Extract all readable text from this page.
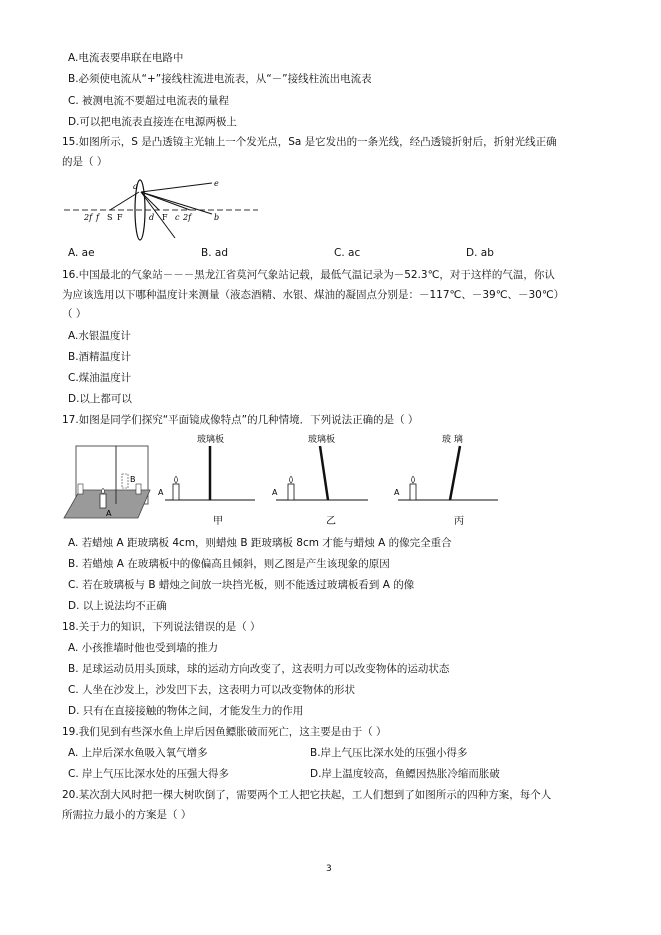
A.电流表要串联在电路中
B.必须使电流从“+”接线柱流进电流表，从“－”接线柱流出电流表
C. 被测电流不要超过电流表的量程
D.可以把电流表直接连在电源两极上
15.如图所示，S 是凸透镜主光轴上一个发光点，Sa 是它发出的一条光线，经凸透镜折射后，折射光线正确
的是（ ）
a	e
2f f S F	d F c 2f	b
A. ae	B. ad	C. ac	D. ab
16.中国最北的气象站－－－黑龙江省莫河气象站记载，最低气温记录为－52.3℃，对于这样的气温，你认
为应该选用以下哪种温度计来测量（液态酒精、水银、煤油的凝固点分别是：－117℃、－39℃、－30℃）
（ ）
A.水银温度计
B.酒精温度计
C.煤油温度计
D.以上都可以
17.如图是同学们探究“平面镜成像特点”的几种情境．下列说法正确的是（ ）
A
B
玻璃板
A
甲
玻璃板
A
乙
玻 璃
A
丙
A. 若蜡烛 A 距玻璃板 4cm，则蜡烛 B 距玻璃板 8cm 才能与蜡烛 A 的像完全重合
B. 若蜡烛 A 在玻璃板中的像偏高且倾斜，则乙图是产生该现象的原因
C. 若在玻璃板与 B 蜡烛之间放一块挡光板，则不能透过玻璃板看到 A 的像
D. 以上说法均不正确
18.关于力的知识，下列说法错误的是（ ）
A. 小孩推墙时他也受到墙的推力
B. 足球运动员用头顶球，球的运动方向改变了，这表明力可以改变物体的运动状态
C. 人坐在沙发上，沙发凹下去，这表明力可以改变物体的形状
D. 只有在直接接触的物体之间，才能发生力的作用
19.我们见到有些深水鱼上岸后因鱼鳔胀破而死亡，这主要是由于（ ）
A. 上岸后深水鱼吸入氧气增多	B.岸上气压比深水处的压强小得多
C. 岸上气压比深水处的压强大得多	D.岸上温度较高，鱼鳔因热胀冷缩而胀破
20.某次刮大风时把一棵大树吹倒了，需要两个工人把它扶起，工人们想到了如图所示的四种方案，每个人
所需拉力最小的方案是（ ）
3
